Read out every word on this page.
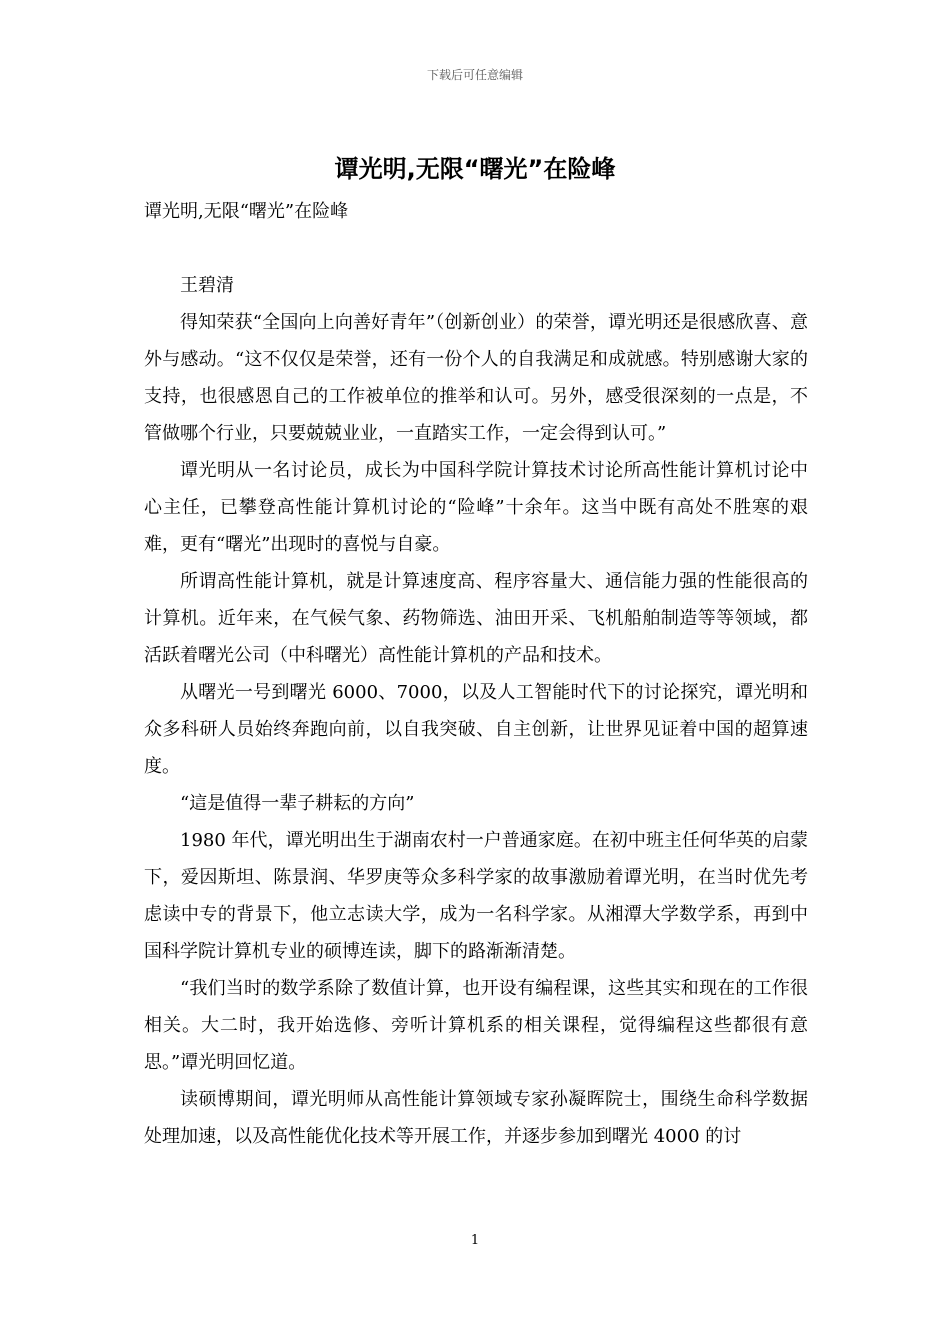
下载后可任意编辑
谭光明,无限“曙光”在险峰

谭光明,无限“曙光”在险峰

王碧清

得知荣获“全国向上向善好青年”（创新创业）的荣誉，谭光明还是很感欣喜、意外与感动。“这不仅仅是荣誉，还有一份个人的自我满足和成就感。特别感谢大家的支持，也很感恩自己的工作被单位的推举和认可。另外，感受很深刻的一点是，不管做哪个行业，只要兢兢业业，一直踏实工作，一定会得到认可。”

谭光明从一名讨论员，成长为中国科学院计算技术讨论所高性能计算机讨论中心主任，已攀登高性能计算机讨论的“险峰”十余年。这当中既有高处不胜寒的艰难，更有“曙光”出现时的喜悦与自豪。

所谓高性能计算机，就是计算速度高、程序容量大、通信能力强的性能很高的计算机。近年来，在气候气象、药物筛选、油田开采、飞机船舶制造等等领域，都活跃着曙光公司（中科曙光）高性能计算机的产品和技术。

从曙光一号到曙光 6000、7000，以及人工智能时代下的讨论探究，谭光明和众多科研人员始终奔跑向前，以自我突破、自主创新，让世界见证着中国的超算速度。

“這是值得一辈子耕耘的方向”

1980 年代，谭光明出生于湖南农村一户普通家庭。在初中班主任何华英的启蒙下，爱因斯坦、陈景润、华罗庚等众多科学家的故事激励着谭光明，在当时优先考虑读中专的背景下，他立志读大学，成为一名科学家。从湘潭大学数学系，再到中国科学院计算机专业的硕博连读，脚下的路渐渐清楚。

“我们当时的数学系除了数值计算，也开设有编程课，这些其实和现在的工作很相关。大二时，我开始选修、旁听计算机系的相关课程，觉得编程这些都很有意思。”谭光明回忆道。

读硕博期间，谭光明师从高性能计算领域专家孙凝晖院士，围绕生命科学数据处理加速，以及高性能优化技术等开展工作，并逐步参加到曙光 4000 的讨

1
